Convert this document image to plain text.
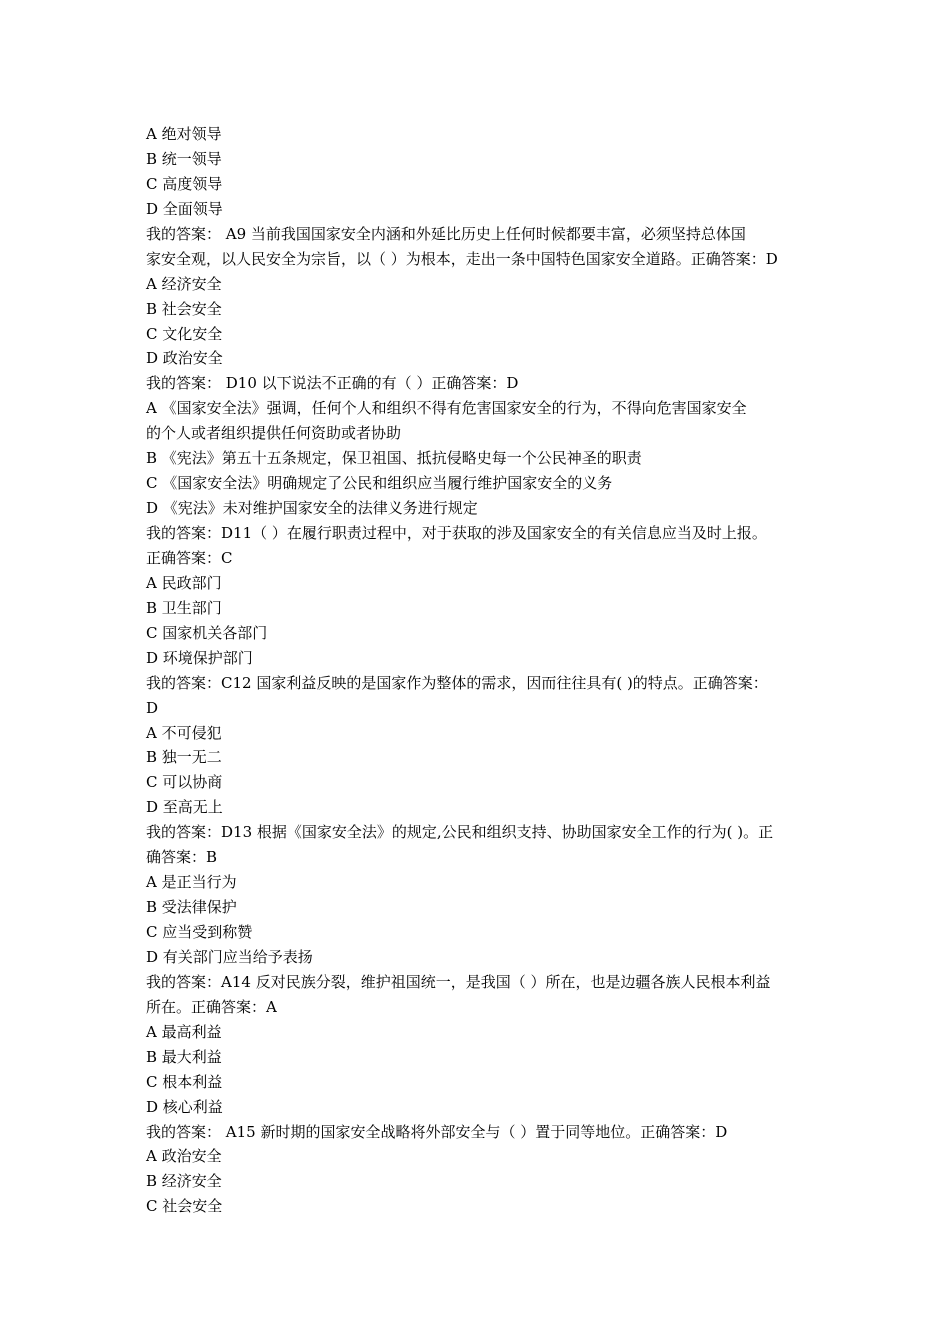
A 绝对领导
B 统一领导
C 高度领导
D 全面领导
我的答案： A9 当前我国国家安全内涵和外延比历史上任何时候都要丰富，必须坚持总体国
家安全观，以人民安全为宗旨，以（ ）为根本，走出一条中国特色国家安全道路。正确答案：D
A 经济安全
B 社会安全
C 文化安全
D 政治安全
我的答案： D10 以下说法不正确的有（ ）正确答案：D
A 《国家安全法》强调，任何个人和组织不得有危害国家安全的行为，不得向危害国家安全
的个人或者组织提供任何资助或者协助
B 《宪法》第五十五条规定，保卫祖国、抵抗侵略史每一个公民神圣的职责
C 《国家安全法》明确规定了公民和组织应当履行维护国家安全的义务
D 《宪法》未对维护国家安全的法律义务进行规定
我的答案：D11（ ）在履行职责过程中，对于获取的涉及国家安全的有关信息应当及时上报。
正确答案：C
A 民政部门
B 卫生部门
C 国家机关各部门
D 环境保护部门
我的答案：C12 国家利益反映的是国家作为整体的需求，因而往往具有( )的特点。正确答案：
D
A 不可侵犯
B 独一无二
C 可以协商
D 至高无上
我的答案：D13 根据《国家安全法》的规定,公民和组织支持、协助国家安全工作的行为( )。正
确答案：B
A 是正当行为
B 受法律保护
C 应当受到称赞
D 有关部门应当给予表扬
我的答案：A14 反对民族分裂，维护祖国统一，是我国（ ）所在，也是边疆各族人民根本利益
所在。正确答案：A
A 最高利益
B 最大利益
C 根本利益
D 核心利益
我的答案： A15 新时期的国家安全战略将外部安全与（ ）置于同等地位。正确答案：D
A 政治安全
B 经济安全
C 社会安全
